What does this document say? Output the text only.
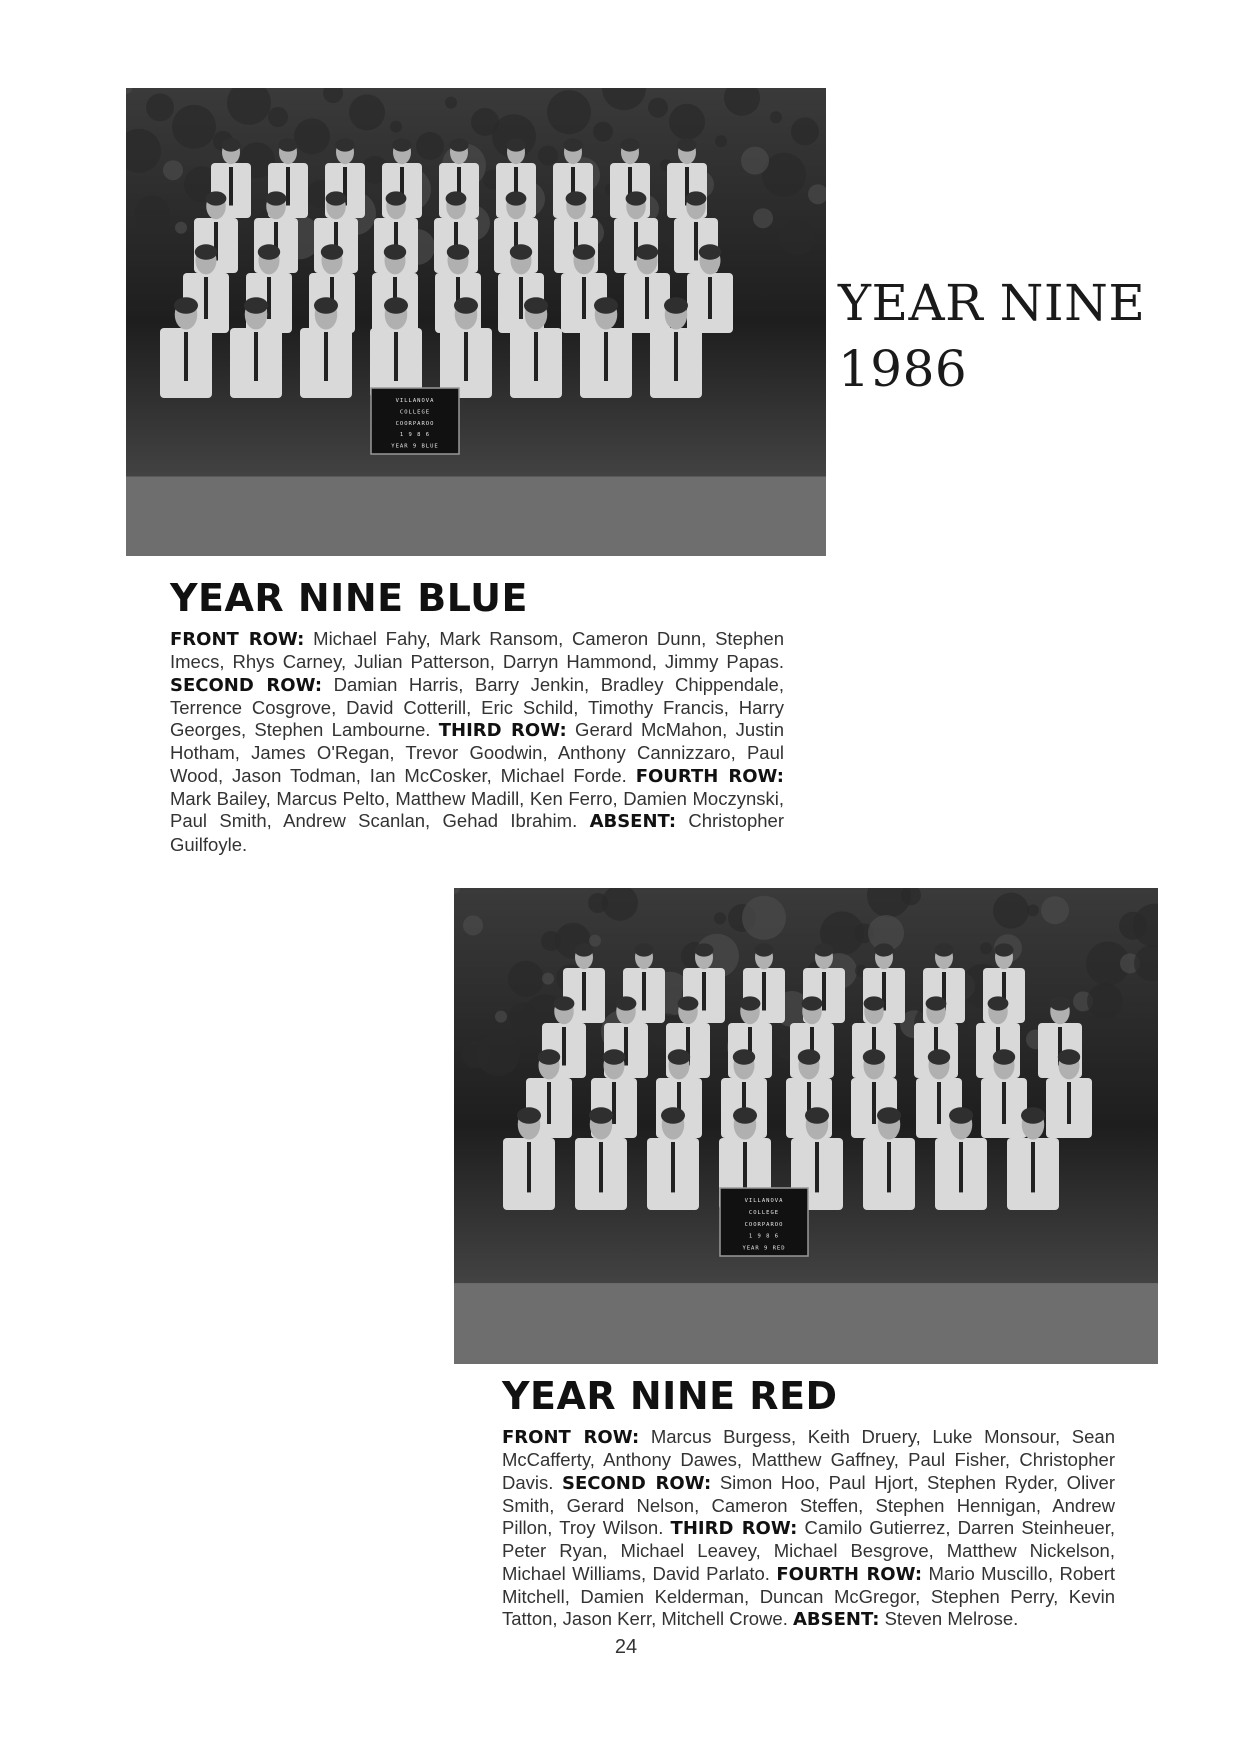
VILLANOVA
COLLEGE
COORPAROO
1 9 8 6
YEAR 9 BLUE
YEAR NINE
1986
YEAR NINE BLUE

FRONT ROW: Michael Fahy, Mark Ransom, Cameron Dunn, Stephen Imecs, Rhys Carney, Julian Patterson, Darryn Hammond, Jimmy Papas. SECOND ROW: Damian Harris, Barry Jenkin, Bradley Chippendale, Terrence Cosgrove, David Cotterill, Eric Schild, Timothy Francis, Harry Georges, Stephen Lambourne. THIRD ROW: Gerard McMahon, Justin Hotham, James O'Regan, Trevor Goodwin, Anthony Cannizzaro, Paul Wood, Jason Todman, Ian McCosker, Michael Forde. FOURTH ROW: Mark Bailey, Marcus Pelto, Matthew Madill, Ken Ferro, Damien Moczynski, Paul Smith, Andrew Scanlan, Gehad Ibrahim. ABSENT: Christopher Guilfoyle.

VILLANOVA
COLLEGE
COORPAROO
1 9 8 6
YEAR 9 RED
YEAR NINE RED

FRONT ROW: Marcus Burgess, Keith Druery, Luke Monsour, Sean McCafferty, Anthony Dawes, Matthew Gaffney, Paul Fisher, Christopher Davis. SECOND ROW: Simon Hoo, Paul Hjort, Stephen Ryder, Oliver Smith, Gerard Nelson, Cameron Steffen, Stephen Hennigan, Andrew Pillon, Troy Wilson. THIRD ROW: Camilo Gutierrez, Darren Steinheuer, Peter Ryan, Michael Leavey, Michael Besgrove, Matthew Nickelson, Michael Williams, David Parlato. FOURTH ROW: Mario Muscillo, Robert Mitchell, Damien Kelderman, Duncan McGregor, Stephen Perry, Kevin Tatton, Jason Kerr, Mitchell Crowe. ABSENT: Steven Melrose.

24
